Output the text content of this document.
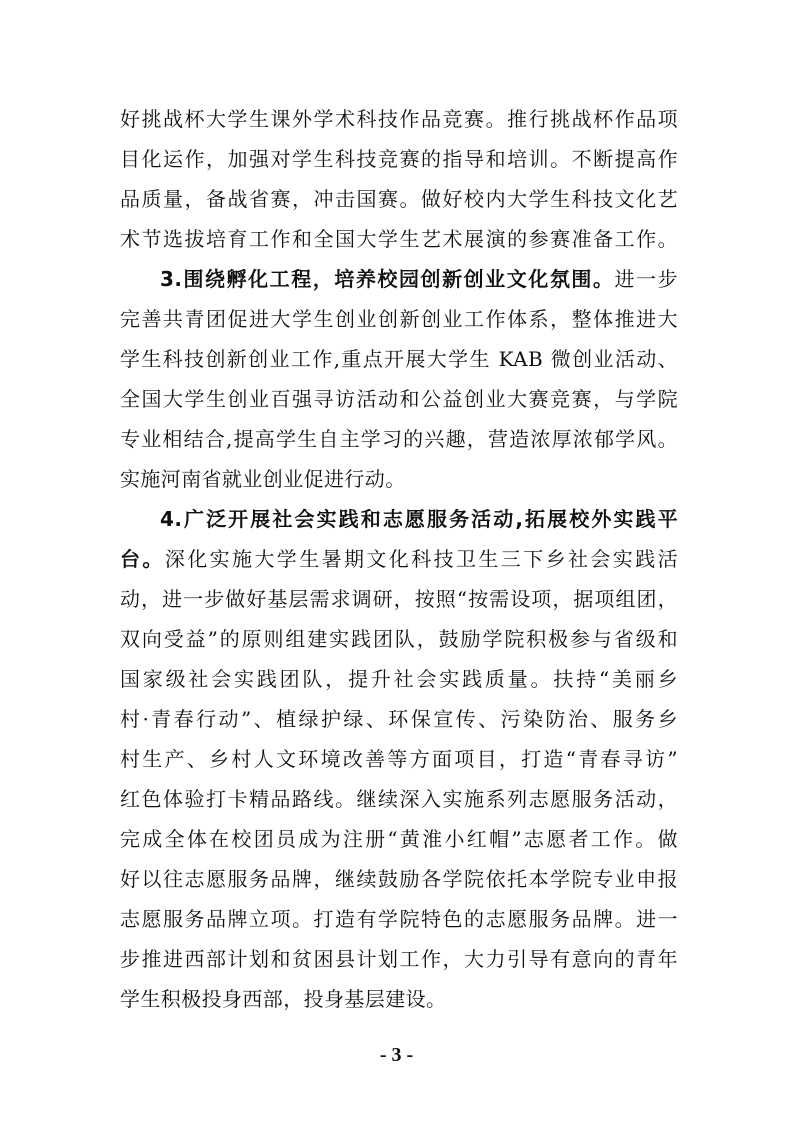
好挑战杯大学生课外学术科技作品竞赛。推行挑战杯作品项
目化运作，加强对学生科技竞赛的指导和培训。不断提高作
品质量，备战省赛，冲击国赛。做好校内大学生科技文化艺
术节选拔培育工作和全国大学生艺术展演的参赛准备工作。
3.围绕孵化工程，培养校园创新创业文化氛围。进一步
完善共青团促进大学生创业创新创业工作体系，整体推进大
学生科技创新创业工作,重点开展大学生 KAB 微创业活动、
全国大学生创业百强寻访活动和公益创业大赛竞赛，与学院
专业相结合,提高学生自主学习的兴趣，营造浓厚浓郁学风。
实施河南省就业创业促进行动。
4.广泛开展社会实践和志愿服务活动,拓展校外实践平
台。深化实施大学生暑期文化科技卫生三下乡社会实践活
动，进一步做好基层需求调研，按照“按需设项，据项组团，
双向受益”的原则组建实践团队，鼓励学院积极参与省级和
国家级社会实践团队，提升社会实践质量。扶持“美丽乡
村·青春行动”、植绿护绿、环保宣传、污染防治、服务乡
村生产、乡村人文环境改善等方面项目，打造“青春寻访”
红色体验打卡精品路线。继续深入实施系列志愿服务活动，
完成全体在校团员成为注册“黄淮小红帽”志愿者工作。做
好以往志愿服务品牌，继续鼓励各学院依托本学院专业申报
志愿服务品牌立项。打造有学院特色的志愿服务品牌。进一
步推进西部计划和贫困县计划工作，大力引导有意向的青年
学生积极投身西部，投身基层建设。
- 3 -
